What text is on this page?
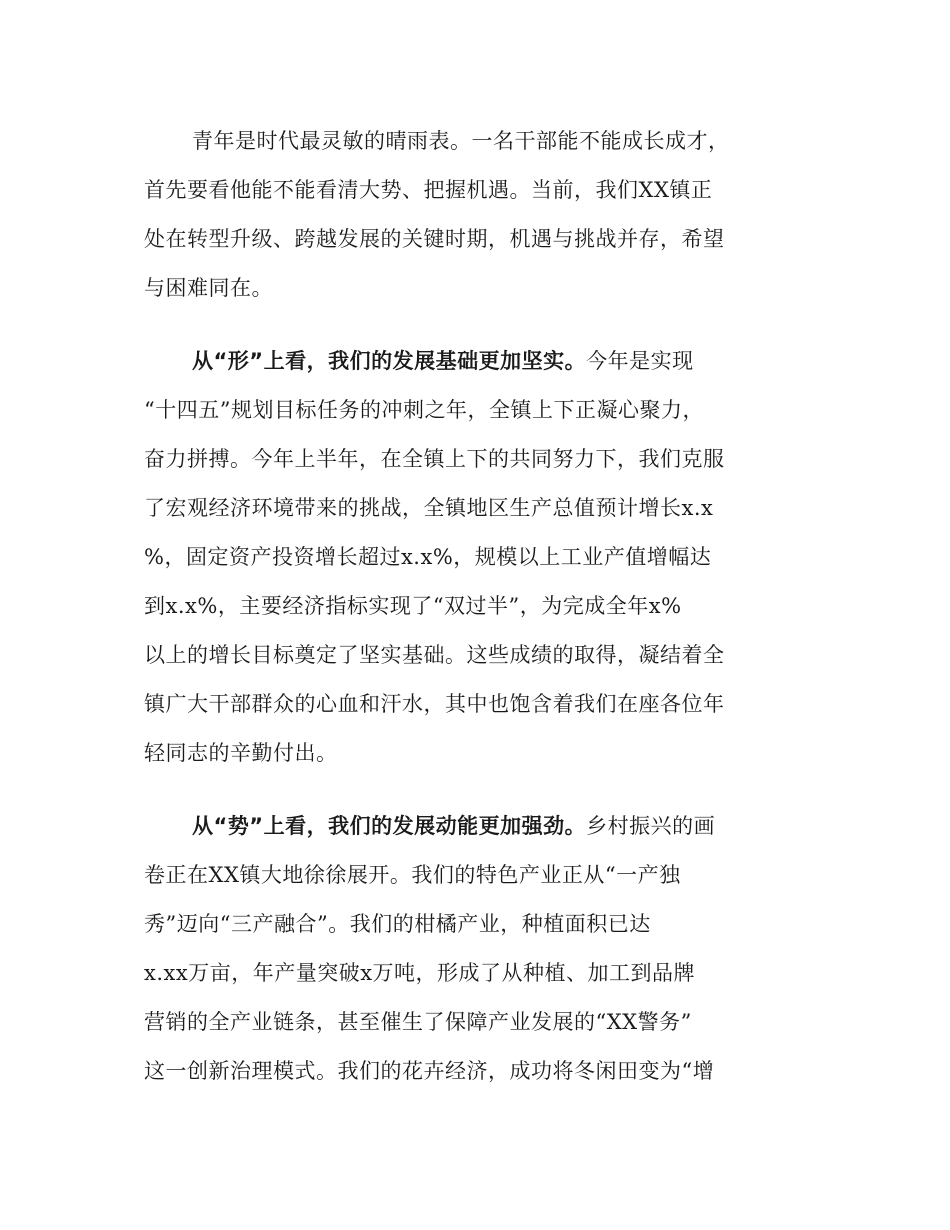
青年是时代最灵敏的晴雨表。一名干部能不能成长成才，
首先要看他能不能看清大势、把握机遇。当前，我们XX镇正
处在转型升级、跨越发展的关键时期，机遇与挑战并存，希望
与困难同在。
从“形”上看，我们的发展基础更加坚实。今年是实现
“十四五”规划目标任务的冲刺之年，全镇上下正凝心聚力，
奋力拼搏。今年上半年，在全镇上下的共同努力下，我们克服
了宏观经济环境带来的挑战，全镇地区生产总值预计增长x.x
%，固定资产投资增长超过x.x%，规模以上工业产值增幅达
到x.x%，主要经济指标实现了“双过半”，为完成全年x%
以上的增长目标奠定了坚实基础。这些成绩的取得，凝结着全
镇广大干部群众的心血和汗水，其中也饱含着我们在座各位年
轻同志的辛勤付出。
从“势”上看，我们的发展动能更加强劲。乡村振兴的画
卷正在XX镇大地徐徐展开。我们的特色产业正从“一产独
秀”迈向“三产融合”。我们的柑橘产业，种植面积已达
x.xx万亩，年产量突破x万吨，形成了从种植、加工到品牌
营销的全产业链条，甚至催生了保障产业发展的“XX警务”
这一创新治理模式。我们的花卉经济，成功将冬闲田变为“增
